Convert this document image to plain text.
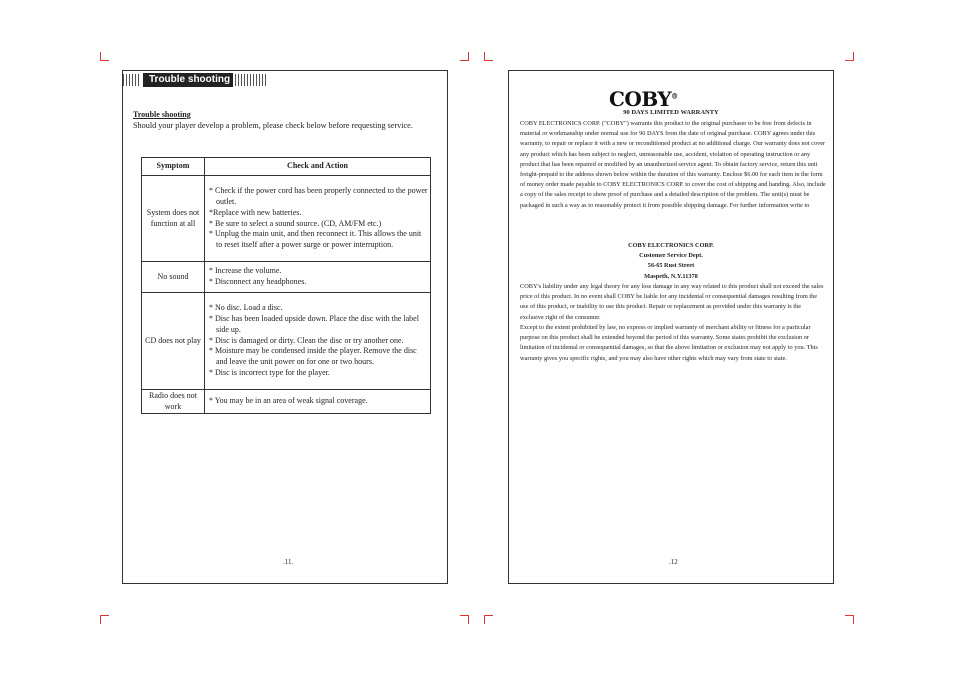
Trouble shooting
Trouble shooting
Should your player develop a problem, please check below before requesting service.
Symptom	Check and Action
System does not function at all	* Check if the power cord has been properly connected to the power outlet.
*Replace with new batteries.
* Be sure to select a sound source. (CD, AM/FM etc.)
* Unplug the main unit, and then reconnect it. This allows the unit to reset itself after a power surge or power interruption.

No sound	* Increase the volume.
* Disconnect any headphones.

CD does not play	* No disc. Load a disc.
* Disc has been loaded upside down. Place the disc with the label side up.
* Disc is damaged or dirty. Clean the disc or try another one.
* Moisture may be condensed inside the player. Remove the disc and leave the unit power on for one or two hours.
* Disc is incorrect type for the player.

Radio does not work	* You may be in an area of weak signal coverage.
.11.
COBY®
90 DAYS LIMITED WARRANTY
COBY ELECTRONICS CORP. ("COBY") warrants this product to the original purchaser to be free from defects in material or workmanship under normal use for 90 DAYS from the date of original purchase. COBY agrees under this warranty, to repair or replace it with a new or reconditioned product at no additional charge. Our warranty does not cover any product which has been subject to neglect, unreasonable use, accident, violation of operating instruction or any product that has been repaired or modified by an unauthorized service agent. To obtain factory service, return this unit freight-prepaid to the address shown below within the duration of this warranty. Enclose $6.00 for each item in the form of money order made payable to COBY ELECTRONICS CORP. to cover the cost of shipping and handing. Also, include a copy of the sales receipt to show proof of purchase and a detailed description of the problem. The unit(s) must be packaged in such a way as to reasonably protect it from possible shipping damage. For further information write to
COBY ELECTRONICS CORP.
Customer Service Dept.
56-65 Rust Street
Maspeth, N.Y.11378
COBY's liability under any legal theory for any loss damage in any way related to this product shall not exceed the sales price of this product. In no event shall COBY be liable for any incidental or consequential damages resulting from the use of this product, or inability to use this product. Repair or replacement as provided under this warranty is the exclusive right of the consumer.
Except to the extent prohibited by law, no express or implied warranty of merchant ability or fitness for a particular purpose on this product shall be extended beyond the period of this warranty. Some states prohibit the exclusion or limitation of incidental or consequential damages, so that the above limitation or exclusion may not apply to you. This warranty gives you specific rights, and you may also have other rights which may vary from state to state.
.12
